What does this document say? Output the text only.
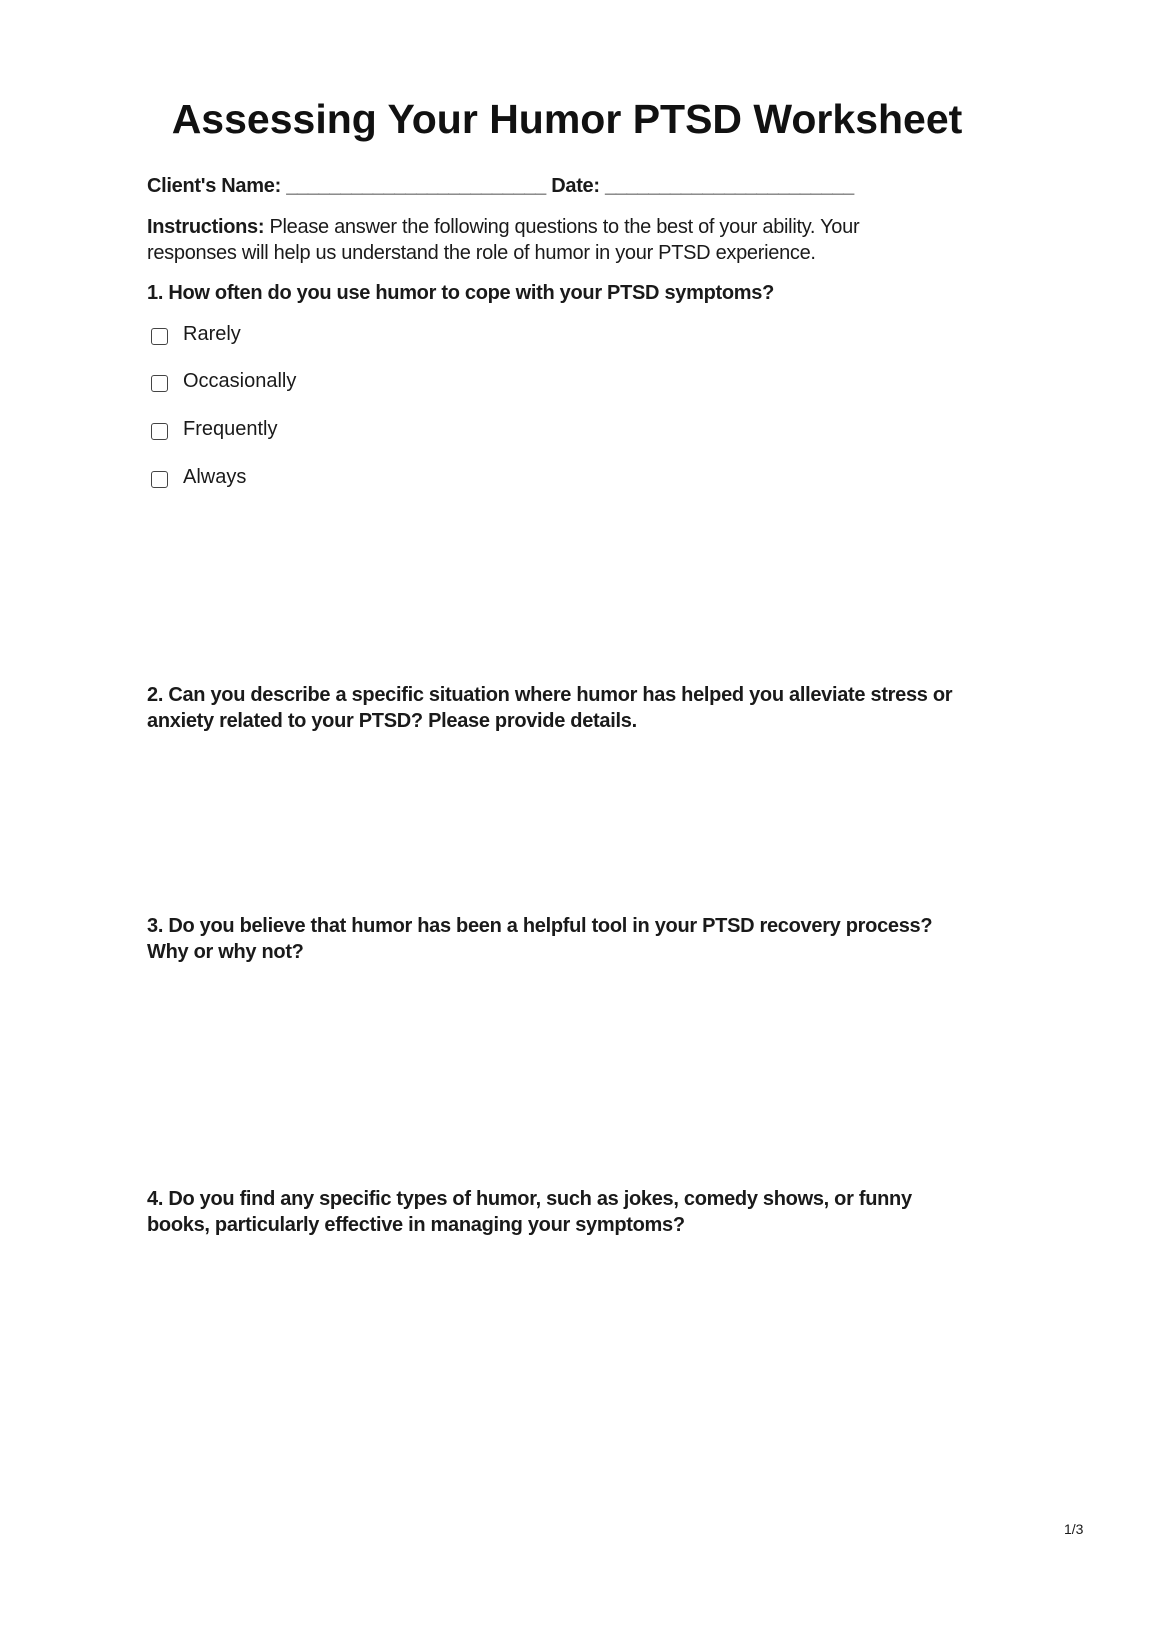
Assessing Your Humor PTSD Worksheet
Client's Name: ________________________ Date: _______________________
Instructions: Please answer the following questions to the best of your ability. Your
responses will help us understand the role of humor in your PTSD experience.
1. How often do you use humor to cope with your PTSD symptoms?
Rarely
Occasionally
Frequently
Always
2. Can you describe a specific situation where humor has helped you alleviate stress or
anxiety related to your PTSD? Please provide details.
3. Do you believe that humor has been a helpful tool in your PTSD recovery process?
Why or why not?
4. Do you find any specific types of humor, such as jokes, comedy shows, or funny
books, particularly effective in managing your symptoms?
1/3
